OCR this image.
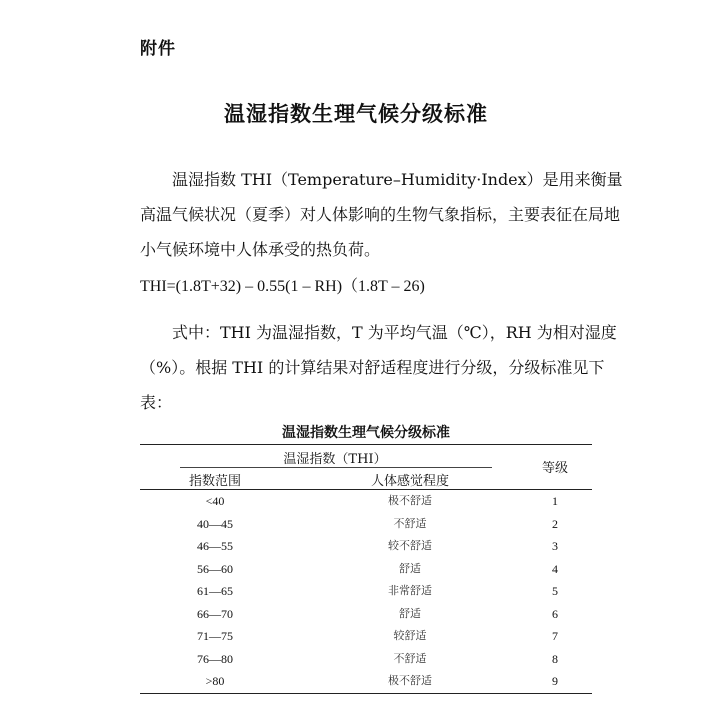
附件
温湿指数生理气候分级标准
温湿指数 THI（Temperature–Humidity·Index）是用来衡量高温气候状况（夏季）对人体影响的生物气象指标，主要表征在局地小气候环境中人体承受的热负荷。
THI=(1.8T+32) – 0.55(1 – RH)（1.8T – 26)
式中：THI 为温湿指数，T 为平均气温（℃），RH 为相对湿度（%）。根据 THI 的计算结果对舒适程度进行分级，分级标准见下表：
温湿指数生理气候分级标准
温湿指数（THI）
指数范围	人体感觉程度
等级
<40	极不舒适	1
40—45	不舒适	2
46—55	较不舒适	3
56—60	舒适	4
61—65	非常舒适	5
66—70	舒适	6
71—75	较舒适	7
76—80	不舒适	8
>80	极不舒适	9
